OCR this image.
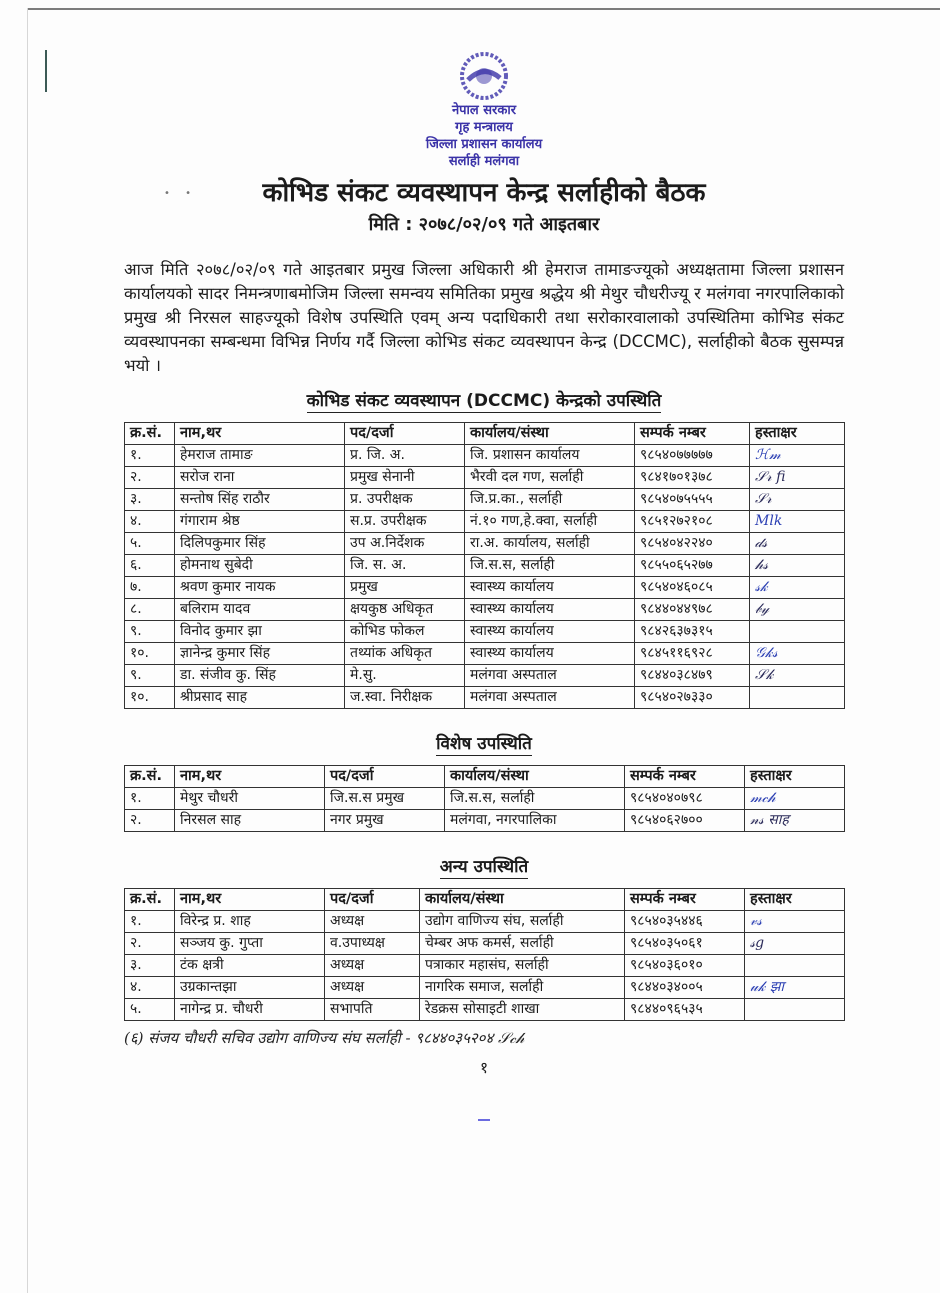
• •
नेपाल सरकार
गृह मन्त्रालय
जिल्ला प्रशासन कार्यालय
सर्लाही मलंगवा
कोभिड संकट व्यवस्थापन केन्द्र सर्लाहीको बैठक
मिति : २०७८/०२/०९ गते आइतबार
आज मिति २०७८/०२/०९ गते आइतबार प्रमुख जिल्ला अधिकारी श्री हेमराज तामाङज्यूको अध्यक्षतामा जिल्ला प्रशासन कार्यालयको सादर निमन्त्रणाबमोजिम जिल्ला समन्वय समितिका प्रमुख श्रद्धेय श्री मेथुर चौधरीज्यू र मलंगवा नगरपालिकाको प्रमुख श्री निरसल साहज्यूको विशेष उपस्थिति एवम् अन्य पदाधिकारी तथा सरोकारवालाको उपस्थितिमा कोभिड संकट व्यवस्थापनका सम्बन्धमा विभिन्न निर्णय गर्दै जिल्ला कोभिड संकट व्यवस्थापन केन्द्र (DCCMC), सर्लाहीको बैठक सुसम्पन्न भयो ।
कोभिड संकट व्यवस्थापन (DCCMC) केन्द्रको उपस्थिति
क्र.सं.	नाम,थर	पद/दर्जा	कार्यालय/संस्था	सम्पर्क नम्बर	हस्ताक्षर
१.	हेमराज तामाङ	प्र. जि. अ.	जि. प्रशासन कार्यालय	९८५४०७७७७७	ℋ𝓂
२.	सरोज राना	प्रमुख सेनानी	भैरवी दल गण, सर्लाही	९८४१७०१३७८	𝒮𝓇 fi
३.	सन्तोष सिंह राठौर	प्र. उपरीक्षक	जि.प्र.का., सर्लाही	९८५४०७५५५५	𝒮𝓇
४.	गंगाराम श्रेष्ठ	स.प्र. उपरीक्षक	नं.१० गण,हे.क्वा, सर्लाही	९८५१२७२१०८	Mlk
५.	दिलिपकुमार सिंह	उप अ.निर्देशक	रा.अ. कार्यालय, सर्लाही	९८५४०४२२४०	𝒹𝓈
६.	होमनाथ सुबेदी	जि. स. अ.	जि.स.स, सर्लाही	९८५५०६५२७७	𝒽𝓈
७.	श्रवण कुमार नायक	प्रमुख	स्वास्थ्य कार्यालय	९८५४०४६०८५	𝓈𝓀
८.	बलिराम यादव	क्षयकुष्ठ अधिकृत	स्वास्थ्य कार्यालय	९८४४०४४९७८	𝒷𝓎
९.	विनोद कुमार झा	कोभिड फोकल	स्वास्थ्य कार्यालय	९८४२६३७३१५	
१०.	ज्ञानेन्द्र कुमार सिंह	तथ्यांक अधिकृत	स्वास्थ्य कार्यालय	९८४५११६९२८	𝒢𝓀𝓈
९.	डा. संजीव कु. सिंह	मे.सु.	मलंगवा अस्पताल	९८४४०३८४७९	𝒮𝓀
१०.	श्रीप्रसाद साह	ज.स्वा. निरीक्षक	मलंगवा अस्पताल	९८५४०२७३३०	
विशेष उपस्थिति
क्र.सं.	नाम,थर	पद/दर्जा	कार्यालय/संस्था	सम्पर्क नम्बर	हस्ताक्षर
१.	मेथुर चौधरी	जि.स.स प्रमुख	जि.स.स, सर्लाही	९८५४०४०७९८	𝓂𝒸𝒽
२.	निरसल साह	नगर प्रमुख	मलंगवा, नगरपालिका	९८५४०६२७००	𝓃𝓈 साह
अन्य उपस्थिति
क्र.सं.	नाम,थर	पद/दर्जा	कार्यालय/संस्था	सम्पर्क नम्बर	हस्ताक्षर
१.	विरेन्द्र प्र. शाह	अध्यक्ष	उद्योग वाणिज्य संघ, सर्लाही	९८५४०३५४४६	𝓋𝓈
२.	सञ्जय कु. गुप्ता	व.उपाध्यक्ष	चेम्बर अफ कमर्स, सर्लाही	९८५४०३५०६१	𝓈𝑔
३.	टंक क्षत्री	अध्यक्ष	पत्राकार महासंघ, सर्लाही	९८५४०३६०१०	
४.	उग्रकान्तझा	अध्यक्ष	नागरिक समाज, सर्लाही	९८४४०३४००५	𝓊𝓀 झा
५.	नागेन्द्र प्र. चौधरी	सभापति	रेडक्रस सोसाइटी शाखा	९८४४०९६५३५	
(६) संजय चौधरी सचिव उद्योग वाणिज्य संघ सर्लाही - ९८४४०३५२०४ 𝒮𝒸𝒽
१
